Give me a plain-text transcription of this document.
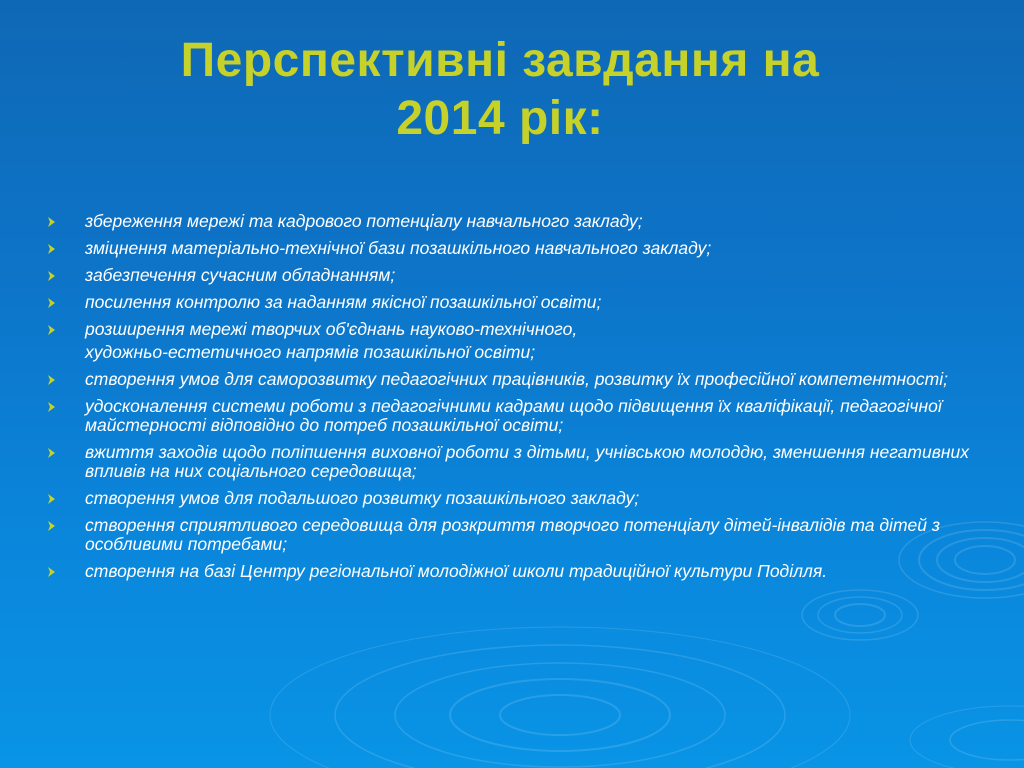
Перспективні завдання на
2014 рік:
збереження мережі та кадрового потенціалу навчального закладу;
зміцнення матеріально-технічної бази позашкільного навчального закладу;
забезпечення сучасним обладнанням;
посилення контролю за наданням якісної позашкільної освіти;
розширення мережі творчих об'єднань науково-технічного,
художньо-естетичного напрямів позашкільної освіти;
створення умов для саморозвитку педагогічних працівників, розвитку їх професійної компетентності;
удосконалення системи роботи з педагогічними кадрами щодо підвищення їх кваліфікації, педагогічної майстерності відповідно до потреб позашкільної освіти;
вжиття заходів щодо поліпшення виховної роботи з дітьми, учнівською молоддю, зменшення негативних впливів на них соціального середовища;
створення умов для подальшого розвитку позашкільного закладу;
створення сприятливого середовища для розкриття творчого потенціалу дітей-інвалідів та дітей з особливими потребами;
створення на базі Центру регіональної молодіжної школи традиційної культури Поділля.
